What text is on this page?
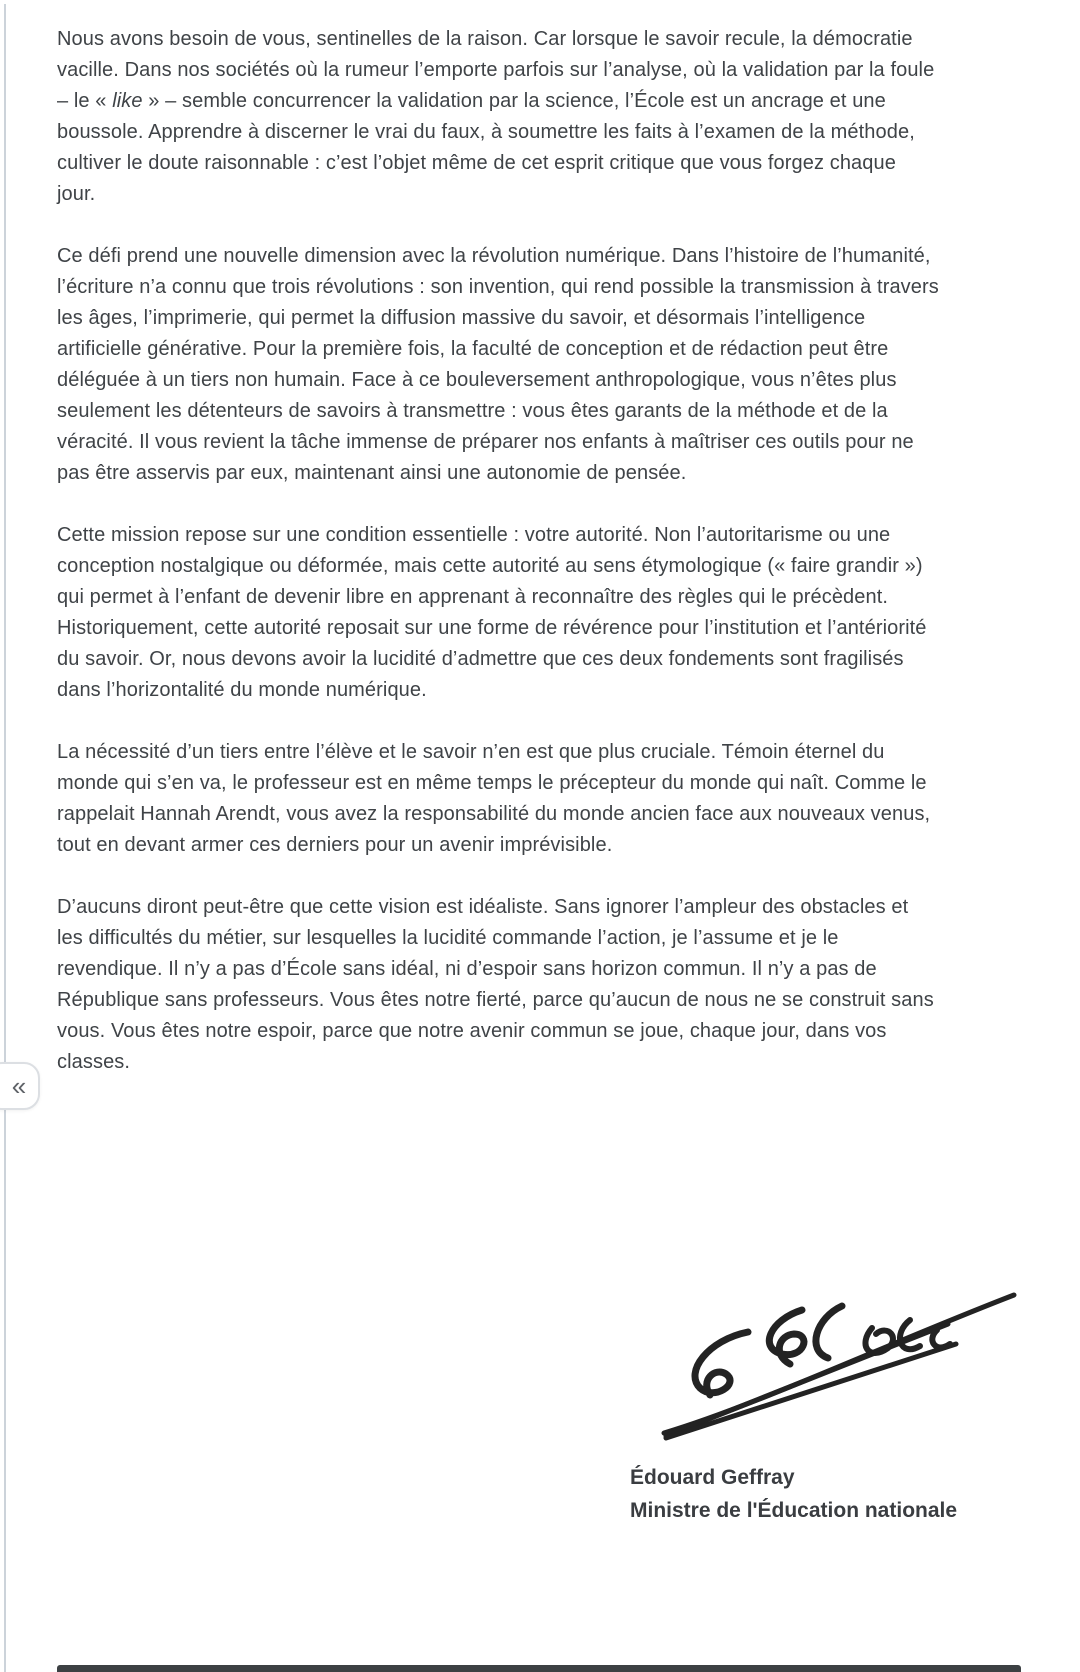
Nous avons besoin de vous, sentinelles de la raison. Car lorsque le savoir recule, la démocratie vacille. Dans nos sociétés où la rumeur l’emporte parfois sur l’analyse, où la validation par la foule – le « like » – semble concurrencer la validation par la science, l’École est un ancrage et une boussole. Apprendre à discerner le vrai du faux, à soumettre les faits à l’examen de la méthode, cultiver le doute raisonnable : c’est l’objet même de cet esprit critique que vous forgez chaque jour.

Ce défi prend une nouvelle dimension avec la révolution numérique. Dans l’histoire de l’humanité, l’écriture n’a connu que trois révolutions : son invention, qui rend possible la transmission à travers les âges, l’imprimerie, qui permet la diffusion massive du savoir, et désormais l’intelligence artificielle générative. Pour la première fois, la faculté de conception et de rédaction peut être déléguée à un tiers non humain. Face à ce bouleversement anthropologique, vous n’êtes plus seulement les détenteurs de savoirs à transmettre : vous êtes garants de la méthode et de la véracité. Il vous revient la tâche immense de préparer nos enfants à maîtriser ces outils pour ne pas être asservis par eux, maintenant ainsi une autonomie de pensée.

Cette mission repose sur une condition essentielle : votre autorité. Non l’autoritarisme ou une conception nostalgique ou déformée, mais cette autorité au sens étymologique (« faire grandir ») qui permet à l’enfant de devenir libre en apprenant à reconnaître des règles qui le précèdent. Historiquement, cette autorité reposait sur une forme de révérence pour l’institution et l’antériorité du savoir. Or, nous devons avoir la lucidité d’admettre que ces deux fondements sont fragilisés dans l’horizontalité du monde numérique.

La nécessité d’un tiers entre l’élève et le savoir n’en est que plus cruciale. Témoin éternel du monde qui s’en va, le professeur est en même temps le précepteur du monde qui naît. Comme le rappelait Hannah Arendt, vous avez la responsabilité du monde ancien face aux nouveaux venus, tout en devant armer ces derniers pour un avenir imprévisible.

D’aucuns diront peut-être que cette vision est idéaliste. Sans ignorer l’ampleur des obstacles et les difficultés du métier, sur lesquelles la lucidité commande l’action, je l’assume et je le revendique. Il n’y a pas d’École sans idéal, ni d’espoir sans horizon commun. Il n’y a pas de République sans professeurs. Vous êtes notre fierté, parce qu’aucun de nous ne se construit sans vous. Vous êtes notre espoir, parce que notre avenir commun se joue, chaque jour, dans vos classes.

«
Édouard Geffray
Ministre de l'Éducation nationale
